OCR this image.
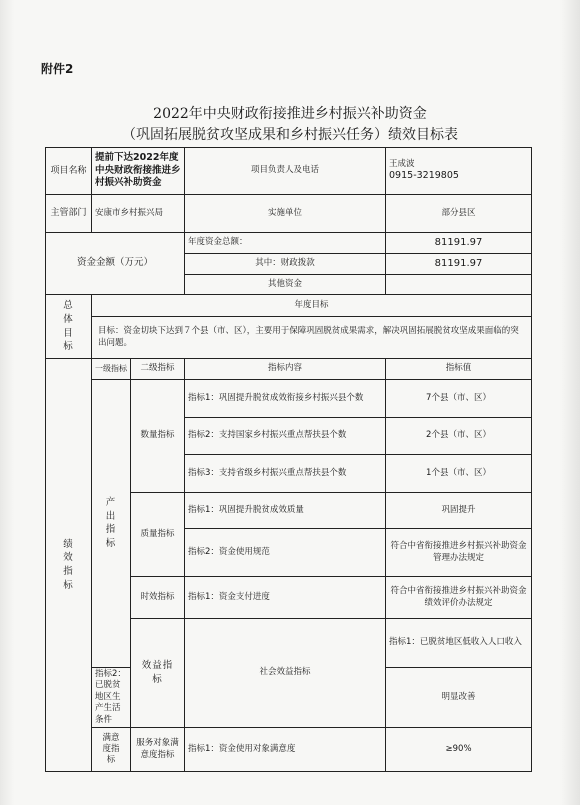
附件2
2022年中央财政衔接推进乡村振兴补助资金
（巩固拓展脱贫攻坚成果和乡村振兴任务）绩效目标表
项目名称	提前下达2022年度中央财政衔接推进乡村振兴补助资金		项目负责人及电话	王成波
0915-3219805	

主管部门	安康市乡村振兴局		实施单位	部分县区	
资金金额（万元）			年度资金总额：	81191.97	
			其中：财政拨款	81191.97	
			其他资金		
总体目标	年度目标				
	目标：资金切块下达到７个县（市、区），主要用于保障巩固脱贫成果需求，解决巩固拓展脱贫攻坚成果面临的突出问题。				
绩效指标	一级指标	二级指标	指标内容	指标值	
	产出指标	数量指标	指标1：巩固提升脱贫成效衔接乡村振兴县个数	7个县（市、区）	
			指标2：支持国家乡村振兴重点帮扶县个数	2个县（市、区）	
			指标3：支持省级乡村振兴重点帮扶县个数	1个县（市、区）	
		质量指标	指标1：巩固提升脱贫成效质量	巩固提升	
			指标2：资金使用规范	符合中省衔接推进乡村振兴补助资金管理办法规定	
		时效指标	指标1：资金支付进度	符合中省衔接推进乡村振兴补助资金绩效评价办法规定	
		效益指标	社会效益指标	指标1：已脱贫地区低收入人口收入	
	指标2：已脱贫地区生产生活条件			明显改善	
	满意度指标	服务对象满意度指标	指标1：资金使用对象满意度	≥90%	
